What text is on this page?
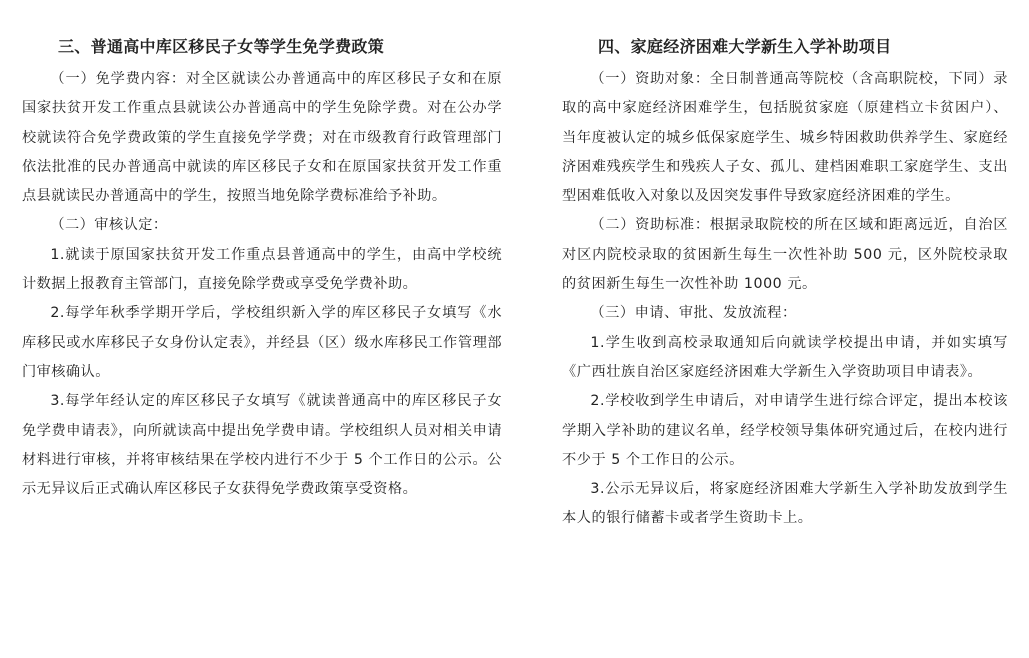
三、普通高中库区移民子女等学生免学费政策

（一）免学费内容：对全区就读公办普通高中的库区移民子女和在原国家扶贫开发工作重点县就读公办普通高中的学生免除学费。对在公办学校就读符合免学费政策的学生直接免学学费；对在市级教育行政管理部门依法批准的民办普通高中就读的库区移民子女和在原国家扶贫开发工作重点县就读民办普通高中的学生，按照当地免除学费标准给予补助。

（二）审核认定：

1.就读于原国家扶贫开发工作重点县普通高中的学生，由高中学校统计数据上报教育主管部门，直接免除学费或享受免学费补助。

2.每学年秋季学期开学后，学校组织新入学的库区移民子女填写《水库移民或水库移民子女身份认定表》，并经县（区）级水库移民工作管理部门审核确认。

3.每学年经认定的库区移民子女填写《就读普通高中的库区移民子女免学费申请表》，向所就读高中提出免学费申请。学校组织人员对相关申请材料进行审核，并将审核结果在学校内进行不少于 5 个工作日的公示。公示无异议后正式确认库区移民子女获得免学费政策享受资格。

四、家庭经济困难大学新生入学补助项目

（一）资助对象：全日制普通高等院校（含高职院校，下同）录取的高中家庭经济困难学生，包括脱贫家庭（原建档立卡贫困户）、当年度被认定的城乡低保家庭学生、城乡特困救助供养学生、家庭经济困难残疾学生和残疾人子女、孤儿、建档困难职工家庭学生、支出型困难低收入对象以及因突发事件导致家庭经济困难的学生。

（二）资助标准：根据录取院校的所在区域和距离远近，自治区对区内院校录取的贫困新生每生一次性补助 500 元，区外院校录取的贫困新生每生一次性补助 1000 元。

（三）申请、审批、发放流程：

1.学生收到高校录取通知后向就读学校提出申请，并如实填写《广西壮族自治区家庭经济困难大学新生入学资助项目申请表》。

2.学校收到学生申请后，对申请学生进行综合评定，提出本校该学期入学补助的建议名单，经学校领导集体研究通过后，在校内进行不少于 5 个工作日的公示。

3.公示无异议后，将家庭经济困难大学新生入学补助发放到学生本人的银行储蓄卡或者学生资助卡上。
